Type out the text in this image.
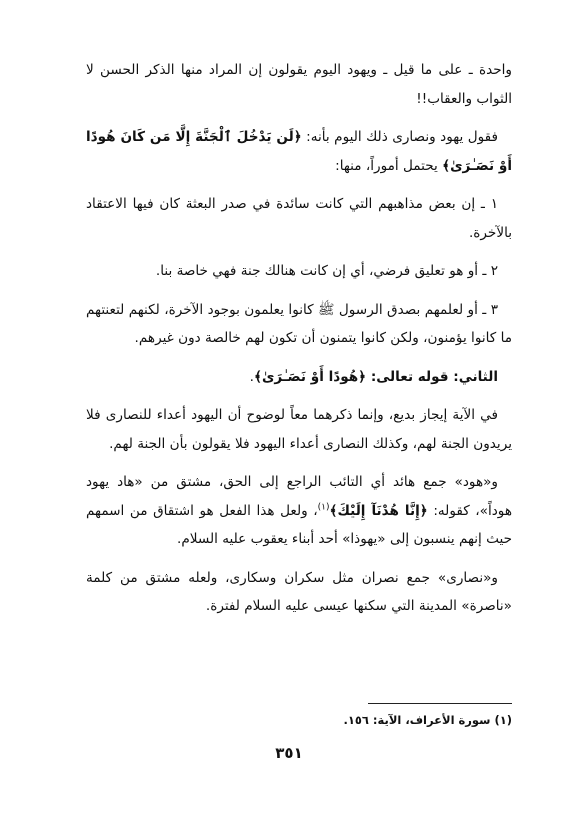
واحدة ـ على ما قيل ـ ويهود اليوم يقولون إن المراد منها الذكر الحسن لا الثواب والعقاب!!

فقول يهود ونصارى ذلك اليوم بأنه: ﴿لَن يَدْخُلَ ٱلْجَنَّةَ إِلَّا مَن كَانَ هُودًا أَوْ نَصَـٰرَىٰ﴾ يحتمل أموراً، منها:

١ ـ إن بعض مذاهبهم التي كانت سائدة في صدر البعثة كان فيها الاعتقاد بالآخرة.

٢ ـ أو هو تعليق فرضي، أي إن كانت هنالك جنة فهي خاصة بنا.

٣ ـ أو لعلمهم بصدق الرسول ﷺ كانوا يعلمون بوجود الآخرة، لكنهم لتعنتهم ما كانوا يؤمنون، ولكن كانوا يتمنون أن تكون لهم خالصة دون غيرهم.

الثاني: قوله تعالى: ﴿هُودًا أَوْ نَصَـٰرَىٰ﴾.

في الآية إيجاز بديع، وإنما ذكرهما معاً لوضوح أن اليهود أعداء للنصارى فلا يريدون الجنة لهم، وكذلك النصارى أعداء اليهود فلا يقولون بأن الجنة لهم.

و«هود» جمع هائد أي التائب الراجع إلى الحق، مشتق من «هاد يهود هوداً»، كقوله: ﴿إِنَّا هُدْنَآ إِلَيْكَ﴾$^{(١)}$، ولعل هذا الفعل هو اشتقاق من اسمهم حيث إنهم ينسبون إلى «يهوذا» أحد أبناء يعقوب عليه السلام.

و«نصارى» جمع نصران مثل سكران وسكارى، ولعله مشتق من كلمة «ناصرة» المدينة التي سكنها عيسى عليه السلام لفترة.

(١) سورة الأعراف، الآية: ١٥٦.
٣٥١
